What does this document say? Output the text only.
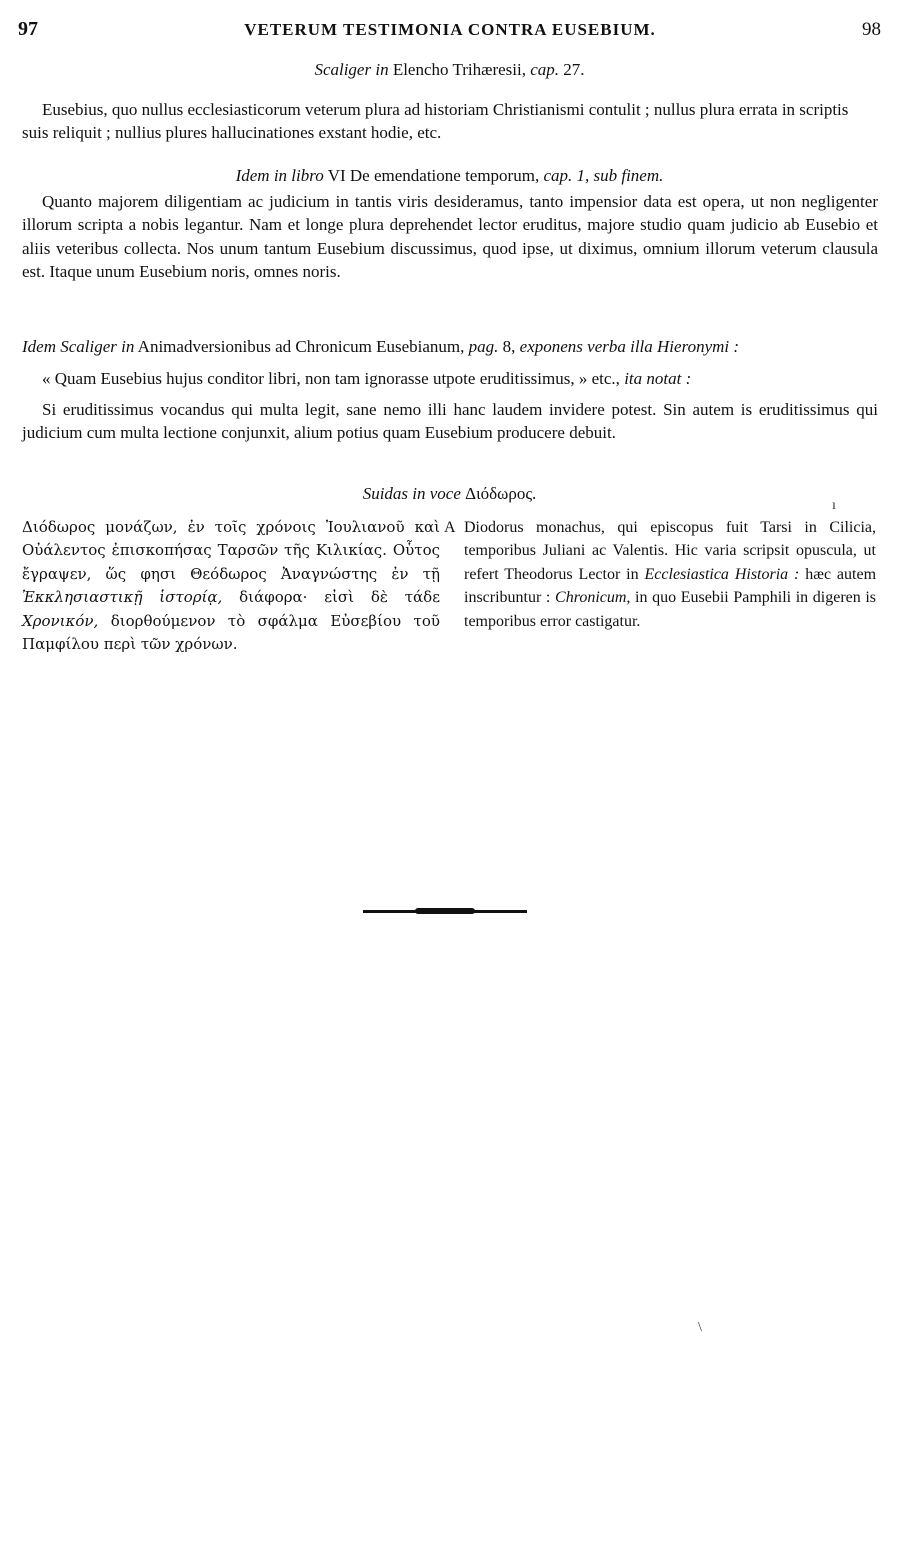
97	VETERUM TESTIMONIA CONTRA EUSEBIUM.	98
Scaliger in Elencho Trihæresii, cap. 27.

Eusebius, quo nullus ecclesiasticorum veterum plura ad historiam Christianismi contulit ; nullus plura errata in scriptis suis reliquit ; nullius plures hallucinationes exstant hodie, etc.

Idem in libro VI De emendatione temporum, cap. 1, sub finem.

Quanto majorem diligentiam ac judicium in tantis viris desideramus, tanto impensior data est opera, ut non negligenter illorum scripta a nobis legantur. Nam et longe plura deprehendet lector eruditus, majore studio quam judicio ab Eusebio et aliis veteribus collecta. Nos unum tantum Eusebium discussimus, quod ipse, ut diximus, omnium illorum veterum clausula est. Itaque unum Eusebium noris, omnes noris.

Idem Scaliger in Animadversionibus ad Chronicum Eusebianum, pag. 8, exponens verba illa Hieronymi :

« Quam Eusebius hujus conditor libri, non tam ignorasse utpote eruditissimus, » etc., ita notat :

Si eruditissimus vocandus qui multa legit, sane nemo illi hanc laudem invidere potest. Sin autem is eruditissimus qui judicium cum multa lectione conjunxit, alium potius quam Eusebium producere debuit.

Suidas in voce Διόδωρος.
Διόδωρος μονάζων, ἐν τοῖς χρόνοις Ἰουλιανοῦ καὶ Οὐάλεντος ἐπισκοπήσας Ταρσῶν τῆς Κιλικίας. Οὗτος ἔγραψεν, ὥς φησι Θεόδωρος Ἀναγνώστης ἐν τῇ Ἐκκλησιαστικῇ ἱστορίᾳ, διάφορα· εἰσὶ δὲ τάδε Χρονικόν, διορθούμενον τὸ σφάλμα Εὐσεβίου τοῦ Παμφίλου περὶ τῶν χρόνων.
A Diodorus monachus, qui episcopus fuit Tarsi in Cilicia, temporibus Juliani ac Valentis. Hic varia scripsit opuscula, ut refert Theodorus Lector in Ecclesiastica Historia : hæc autem inscribuntur : Chronicum, in quo Eusebii Pamphili in digeren is temporibus error castigatur.
ı
\
